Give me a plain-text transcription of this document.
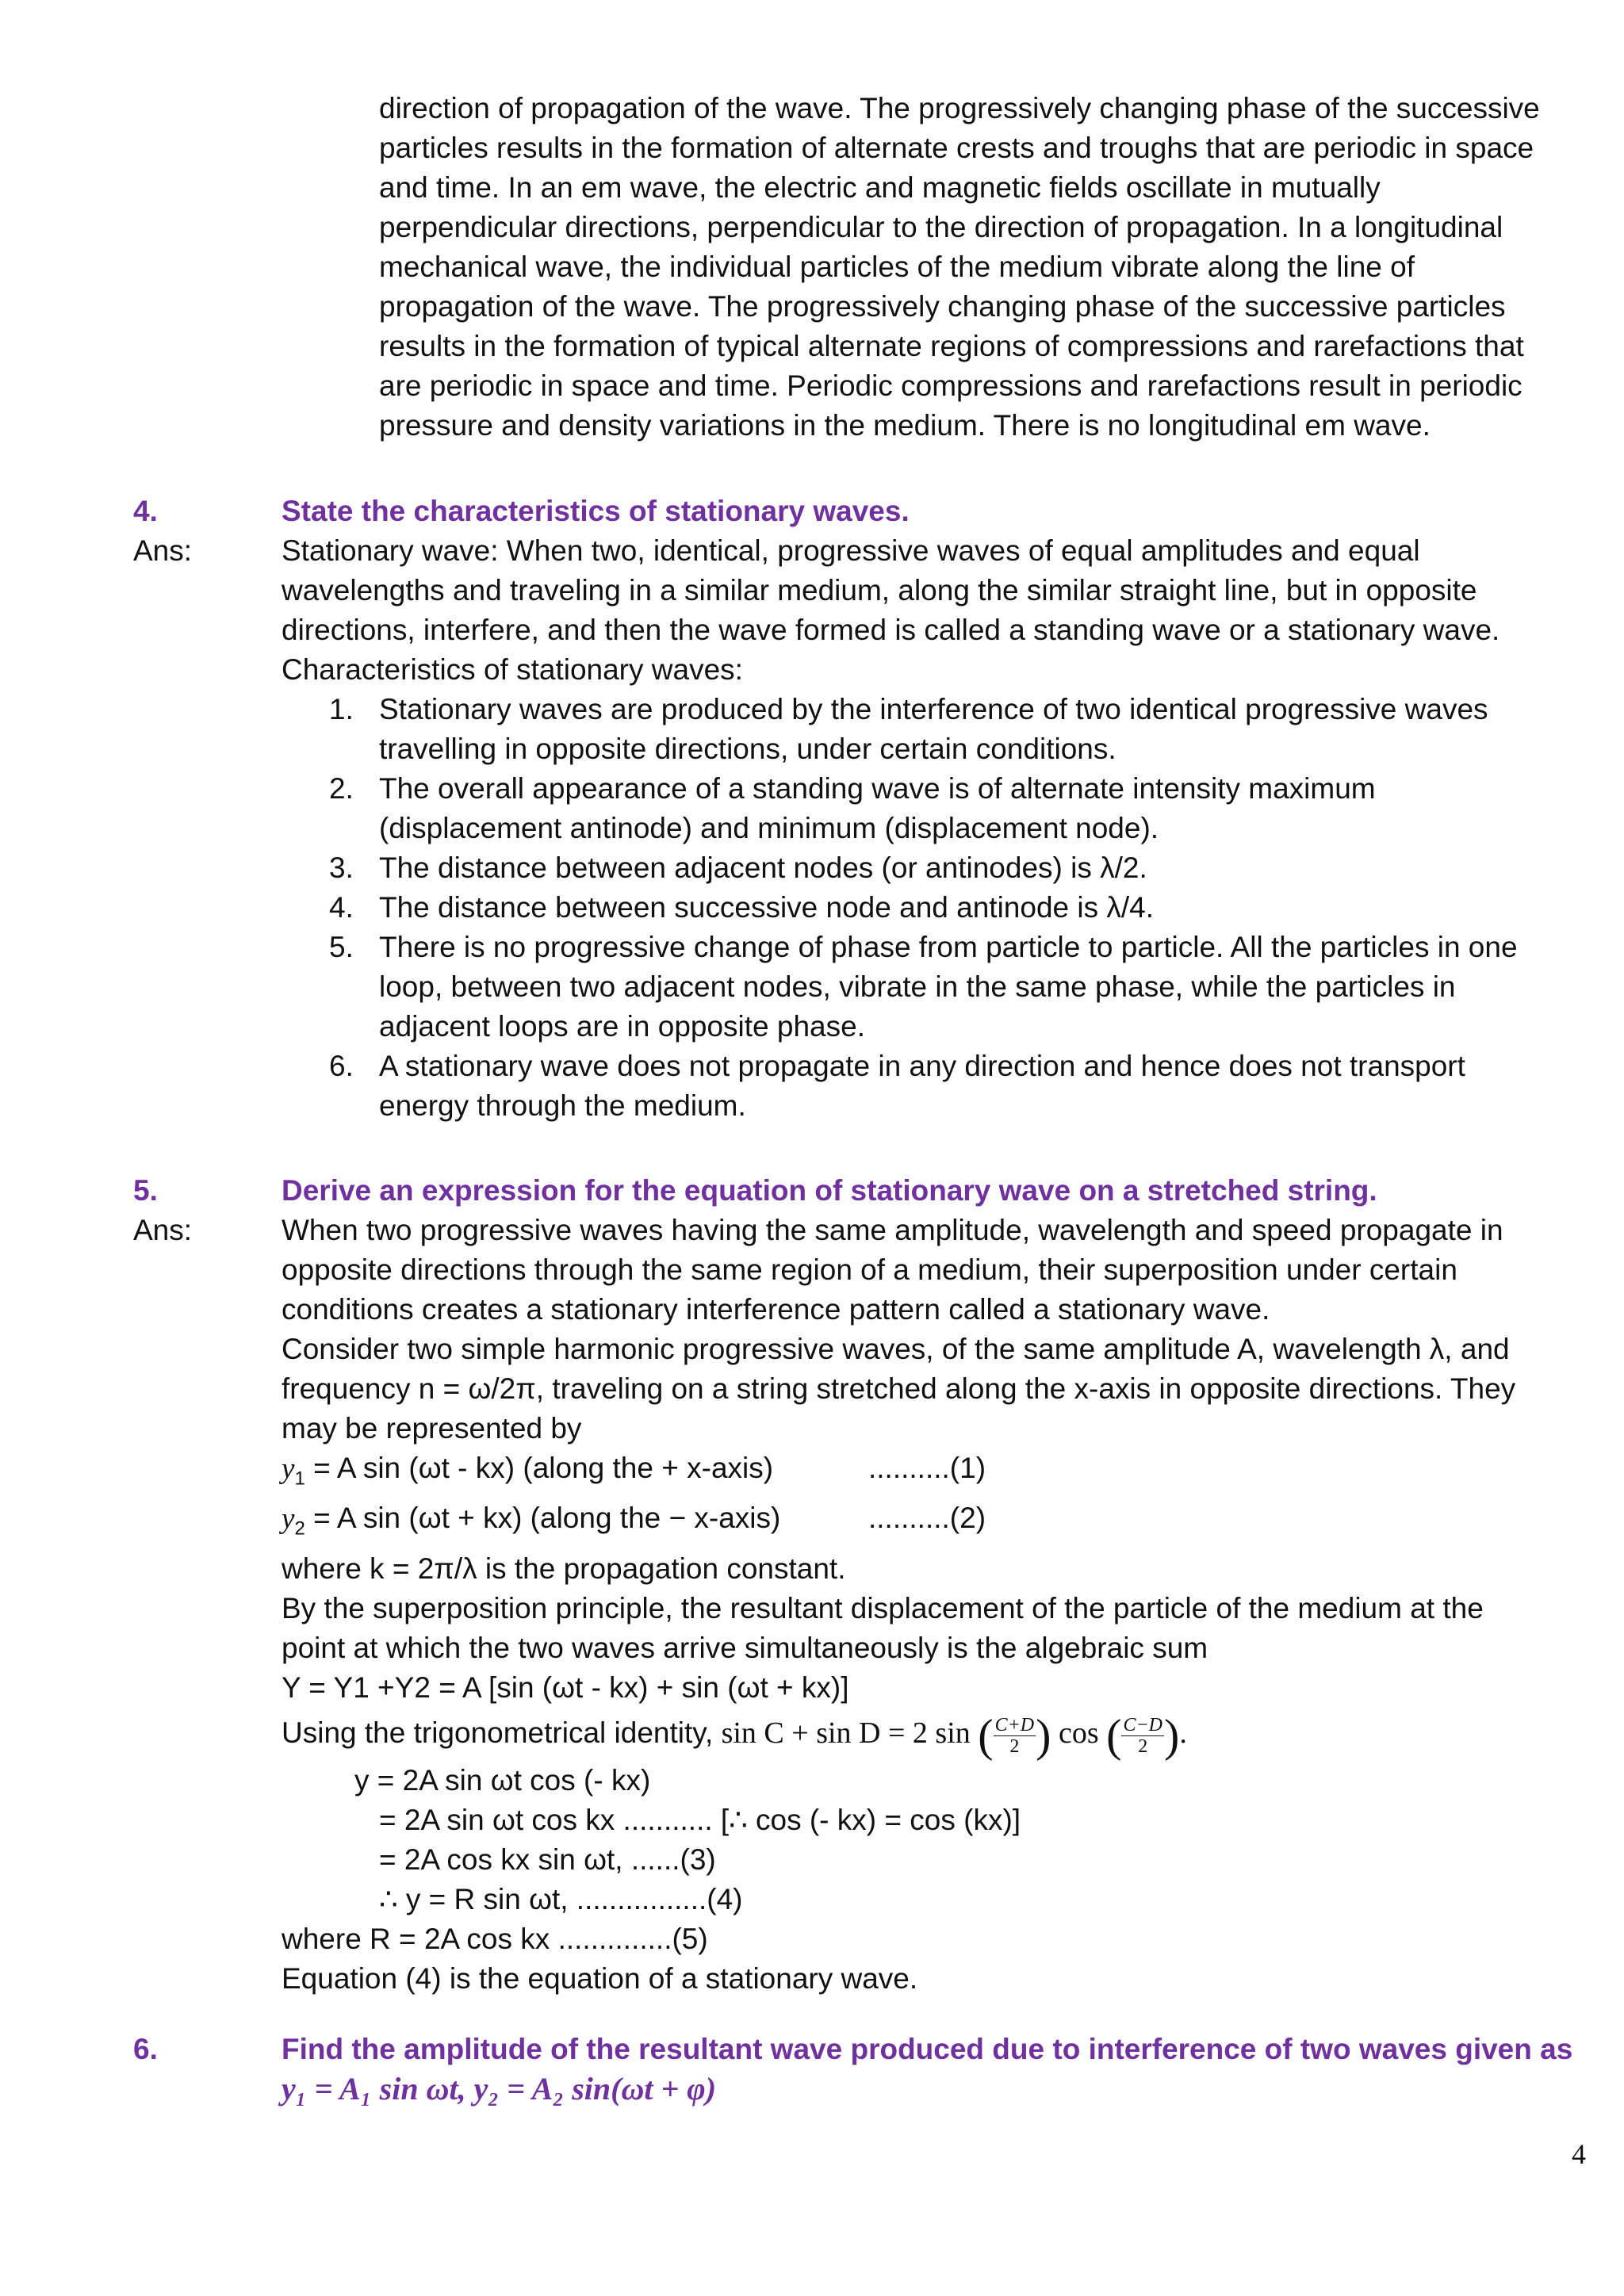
direction of propagation of the wave. The progressively changing phase of the successive

particles results in the formation of alternate crests and troughs that are periodic in space

and time. In an em wave, the electric and magnetic fields oscillate in mutually

perpendicular directions, perpendicular to the direction of propagation. In a longitudinal

mechanical wave, the individual particles of the medium vibrate along the line of

propagation of the wave. The progressively changing phase of the successive particles

results in the formation of typical alternate regions of compressions and rarefactions that

are periodic in space and time. Periodic compressions and rarefactions result in periodic

pressure and density variations in the medium. There is no longitudinal em wave.

4.	State the characteristics of stationary waves.
Ans:	Stationary wave: When two, identical, progressive waves of equal amplitudes and equal

wavelengths and traveling in a similar medium, along the similar straight line, but in opposite

directions, interfere, and then the wave formed is called a standing wave or a stationary wave.

Characteristics of stationary waves:

1. Stationary waves are produced by the interference of two identical progressive waves

travelling in opposite directions, under certain conditions.

2. The overall appearance of a standing wave is of alternate intensity maximum

(displacement antinode) and minimum (displacement node).

3. The distance between adjacent nodes (or antinodes) is λ/2.

4. The distance between successive node and antinode is λ/4.

5. There is no progressive change of phase from particle to particle. All the particles in one

loop, between two adjacent nodes, vibrate in the same phase, while the particles in

adjacent loops are in opposite phase.

6. A stationary wave does not propagate in any direction and hence does not transport

energy through the medium.

5.	Derive an expression for the equation of stationary wave on a stretched string.
Ans:	When two progressive waves having the same amplitude, wavelength and speed propagate in

opposite directions through the same region of a medium, their superposition under certain

conditions creates a stationary interference pattern called a stationary wave.

Consider two simple harmonic progressive waves, of the same amplitude A, wavelength λ, and

frequency n = ω/2π, traveling on a string stretched along the x-axis in opposite directions. They

may be represented by

$y_1 = A$ sin (ωt - kx) (along the + x-axis)	..........(1)

$y_2 = A$ sin (ωt + kx) (along the − x-axis)	..........(2)

where k = 2π/λ is the propagation constant.

By the superposition principle, the resultant displacement of the particle of the medium at the

point at which the two waves arrive simultaneously is the algebraic sum

Y = Y1 +Y2 = A [sin (ωt - kx) + sin (ωt + kx)]

Using the trigonometrical identity, sin C + sin D = 2 sin ( $\frac{C+D}{2}$ ) cos ( $\frac{C-D}{2}$ ).

y = 2A sin ωt cos (- kx)

= 2A sin ωt cos kx ........... [∴ cos (- kx) = cos (kx)]

= 2A cos kx sin ωt, ......(3)

∴ y = R sin ωt, ................(4)

where R = 2A cos kx ..............(5)

Equation (4) is the equation of a stationary wave.

6.	Find the amplitude of the resultant wave produced due to interference of two waves given as

y₁ = A₁ sin ωt, y₂ = A₂ sin(ωt + φ)

4
